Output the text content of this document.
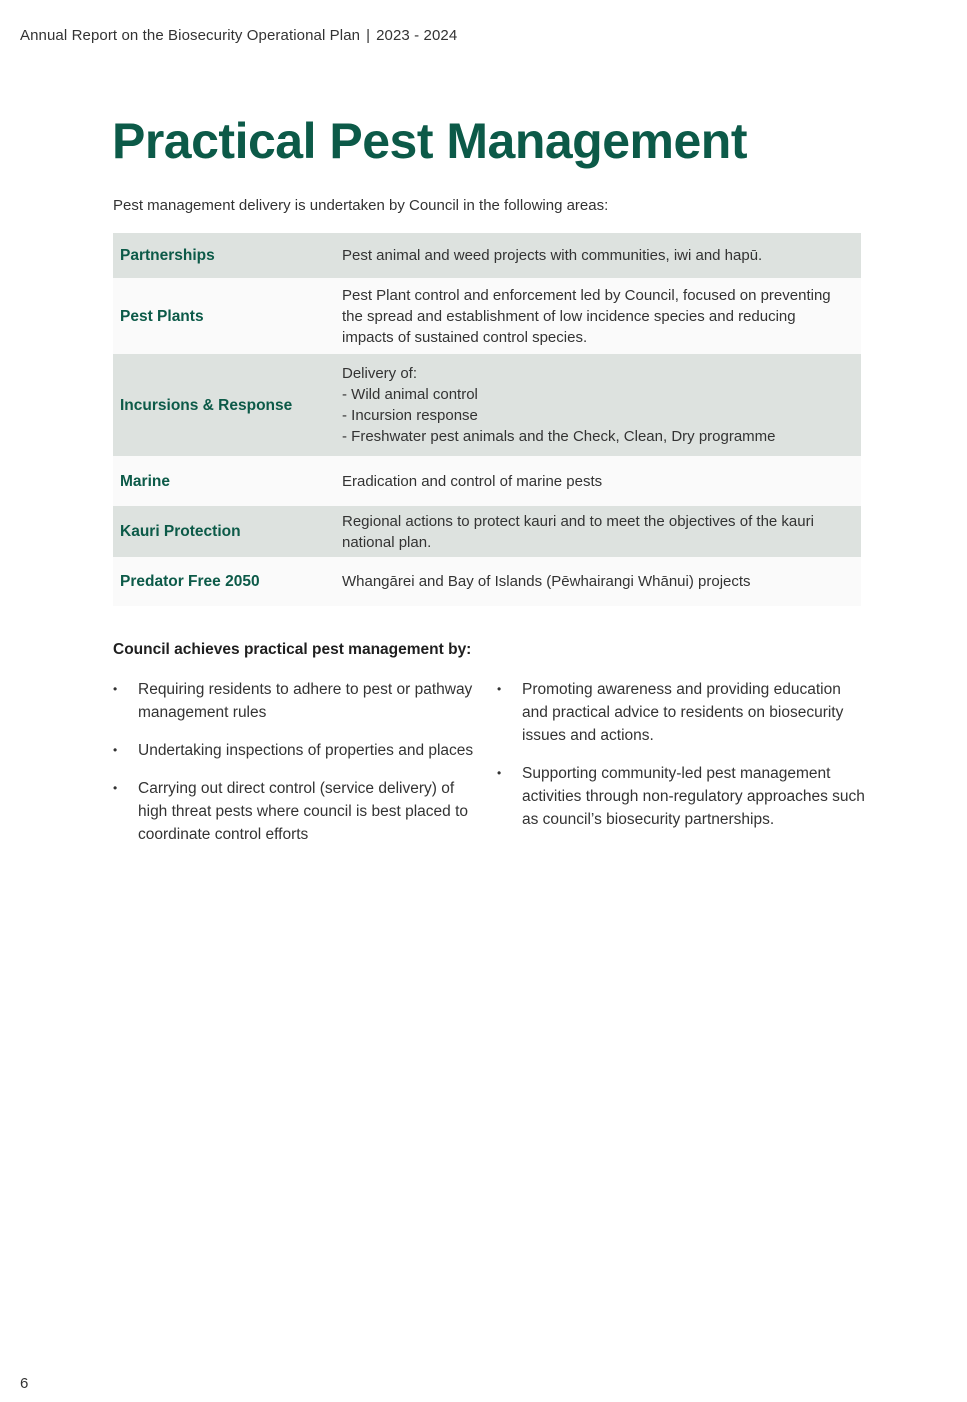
Annual Report on the Biosecurity Operational Plan | 2023 - 2024
Practical Pest Management

Pest management delivery is undertaken by Council in the following areas:

Partnerships	Pest animal and weed projects with communities, iwi and hapū.

Pest Plants	Pest Plant control and enforcement led by Council, focused on preventing the spread and establishment of low incidence species and reducing impacts of sustained control species.

Incursions & Response	Delivery of:
- Wild animal control
- Incursion response
- Freshwater pest animals and the Check, Clean, Dry programme

Marine	Eradication and control of marine pests

Kauri Protection	Regional actions to protect kauri and to meet the objectives of the kauri national plan.

Predator Free 2050	Whangārei and Bay of Islands (Pēwhairangi Whānui) projects
Council achieves practical pest management by:
• Requiring residents to adhere to pest or pathway management rules
• Undertaking inspections of properties and places
• Carrying out direct control (service delivery) of high threat pests where council is best placed to coordinate control efforts
• Promoting awareness and providing education and practical advice to residents on biosecurity issues and actions.
• Supporting community-led pest management activities through non-regulatory approaches such as council’s biosecurity partnerships.
6
